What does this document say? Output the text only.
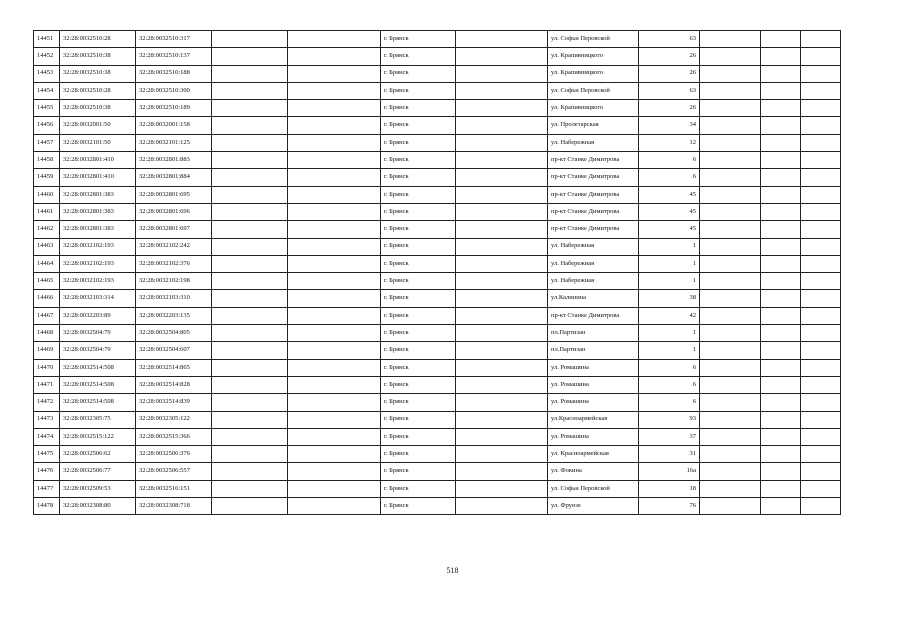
14451	32:28:0032510:28	32:28:0032510:317			г. Брянск		ул. Софьи Перовской	63			
14452	32:28:0032510:38	32:28:0032510:137			г. Брянск		ул. Крапивницкого	26			
14453	32:28:0032510:38	32:28:0032510:188			г. Брянск		ул. Крапивницкого	26			
14454	32:28:0032510:28	32:28:0032510:300			г. Брянск		ул. Софьи Перовской	63			
14455	32:28:0032510:38	32:28:0032510:189			г. Брянск		ул. Крапивницкого	26			
14456	32:28:0032001:50	32:28:0032001:158			г. Брянск		ул. Пролетарская	34			
14457	32:28:0032101:50	32:28:0032101:125			г. Брянск		ул. Набережная	12			
14458	32:28:0032801:410	32:28:0032801:883			г. Брянск		пр-кт Станке Димитрова	6			
14459	32:28:0032801:410	32:28:0032801:884			г. Брянск		пр-кт Станке Димитрова	6			
14460	32:28:0032801:383	32:28:0032801:695			г. Брянск		пр-кт Станке Димитрова	45			
14461	32:28:0032801:383	32:28:0032801:696			г. Брянск		пр-кт Станке Димитрова	45			
14462	32:28:0032801:383	32:28:0032801:697			г. Брянск		пр-кт Станке Димитрова	45			
14463	32:28:0032102:193	32:28:0032102:242			г. Брянск		ул. Набережная	1			
14464	32:28:0032102:193	32:28:0032102:376			г. Брянск		ул. Набережная	1			
14465	32:28:0032102:193	32:28:0032102:198			г. Брянск		ул. Набережная	1			
14466	32:28:0032103:314	32:28:0032103:310			г. Брянск		ул.Калинина	38			
14467	32:28:0032203:89	32:28:0032203:135			г. Брянск		пр-кт Станке Димитрова	42			
14468	32:28:0032504:79	32:28:0032504:805			г. Брянск		пл.Партизан	1			
14469	32:28:0032504:79	32:28:0032504:607			г. Брянск		пл.Партизан	1			
14470	32:28:0032514:508	32:28:0032514:865			г. Брянск		ул. Ромашина	6			
14471	32:28:0032514:508	32:28:0032514:828			г. Брянск		ул. Ромашина	6			
14472	32:28:0032514:508	32:28:0032514:839			г. Брянск		ул. Ромашина	6			
14473	32:28:0032305:75	32:28:0032305:122			г. Брянск		ул.Красноармейская	93			
14474	32:28:0032515:122	32:28:0032515:366			г. Брянск		ул. Ромашина	37			
14475	32:28:0032506:62	32:28:0032506:376			г. Брянск		ул. Красноармейская	31			
14476	32:28:0032506:77	32:28:0032506:557			г. Брянск		ул. Фокина	16а			
14477	32:28:0032509:53	32:28:0032516:151			г. Брянск		ул. Софьи Перовской	18			
14478	32:28:0032308:80	32:28:0032308:718			г. Брянск		ул. Фрунзе	76			
518
